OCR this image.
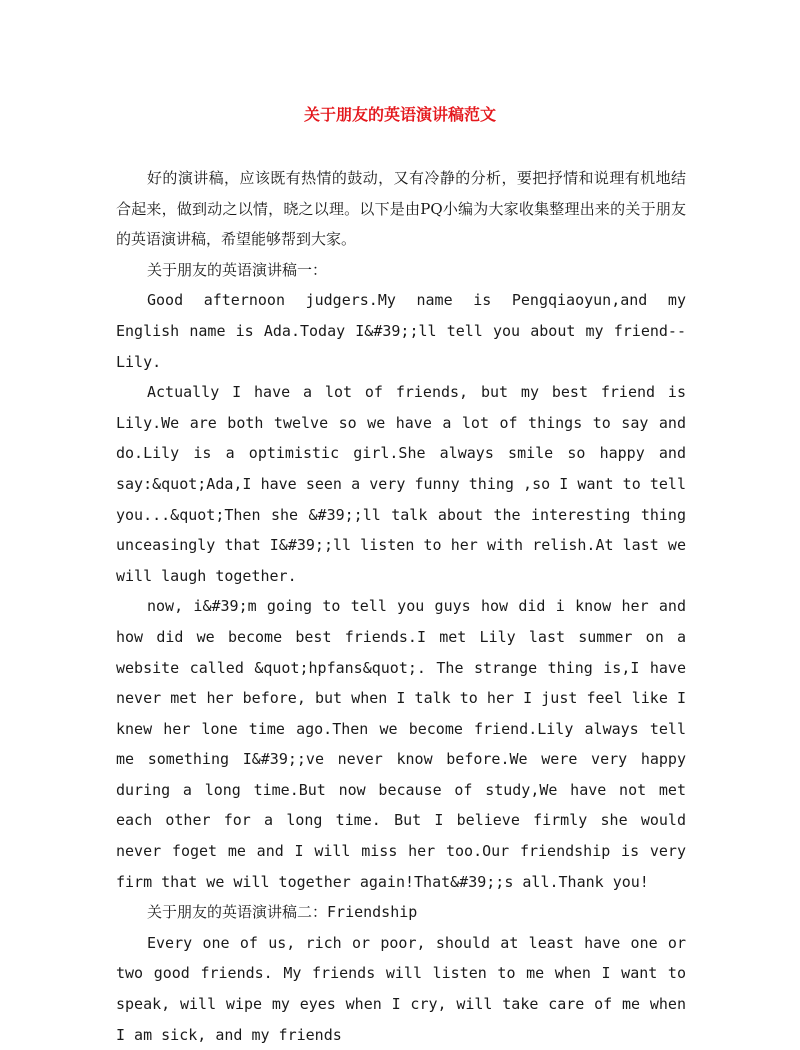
关于朋友的英语演讲稿范文

好的演讲稿，应该既有热情的鼓动，又有冷静的分析，要把抒情和说理有机地结合起来，做到动之以情，晓之以理。以下是由PQ小编为大家收集整理出来的关于朋友的英语演讲稿，希望能够帮到大家。

关于朋友的英语演讲稿一：

Good afternoon judgers.My name is Pengqiaoyun,and my English name is Ada.Today I&#39;;ll tell you about my friend--Lily.

Actually I have a lot of friends, but my best friend is Lily.We are both twelve so we have a lot of things to say and do.Lily is a optimistic girl.She always smile so happy and say:&quot;Ada,I have seen a very funny thing ,so I want to tell you...&quot;Then she &#39;;ll talk about the interesting thing unceasingly that I&#39;;ll listen to her with relish.At last we will laugh together.

now, i&#39;m going to tell you guys how did i know her and how did we become best friends.I met Lily last summer on a website called &quot;hpfans&quot;. The strange thing is,I have never met her before, but when I talk to her I just feel like I knew her lone time ago.Then we become friend.Lily always tell me something I&#39;;ve never know before.We were very happy during a long time.But now because of study,We have not met each other for a long time. But I believe firmly she would never foget me and I will miss her too.Our friendship is very firm that we will together again!That&#39;;s all.Thank you!

关于朋友的英语演讲稿二：Friendship

Every one of us, rich or poor, should at least have one or two good friends. My friends will listen to me when I want to speak, will wipe my eyes when I cry, will take care of me when I am sick, and my friends
